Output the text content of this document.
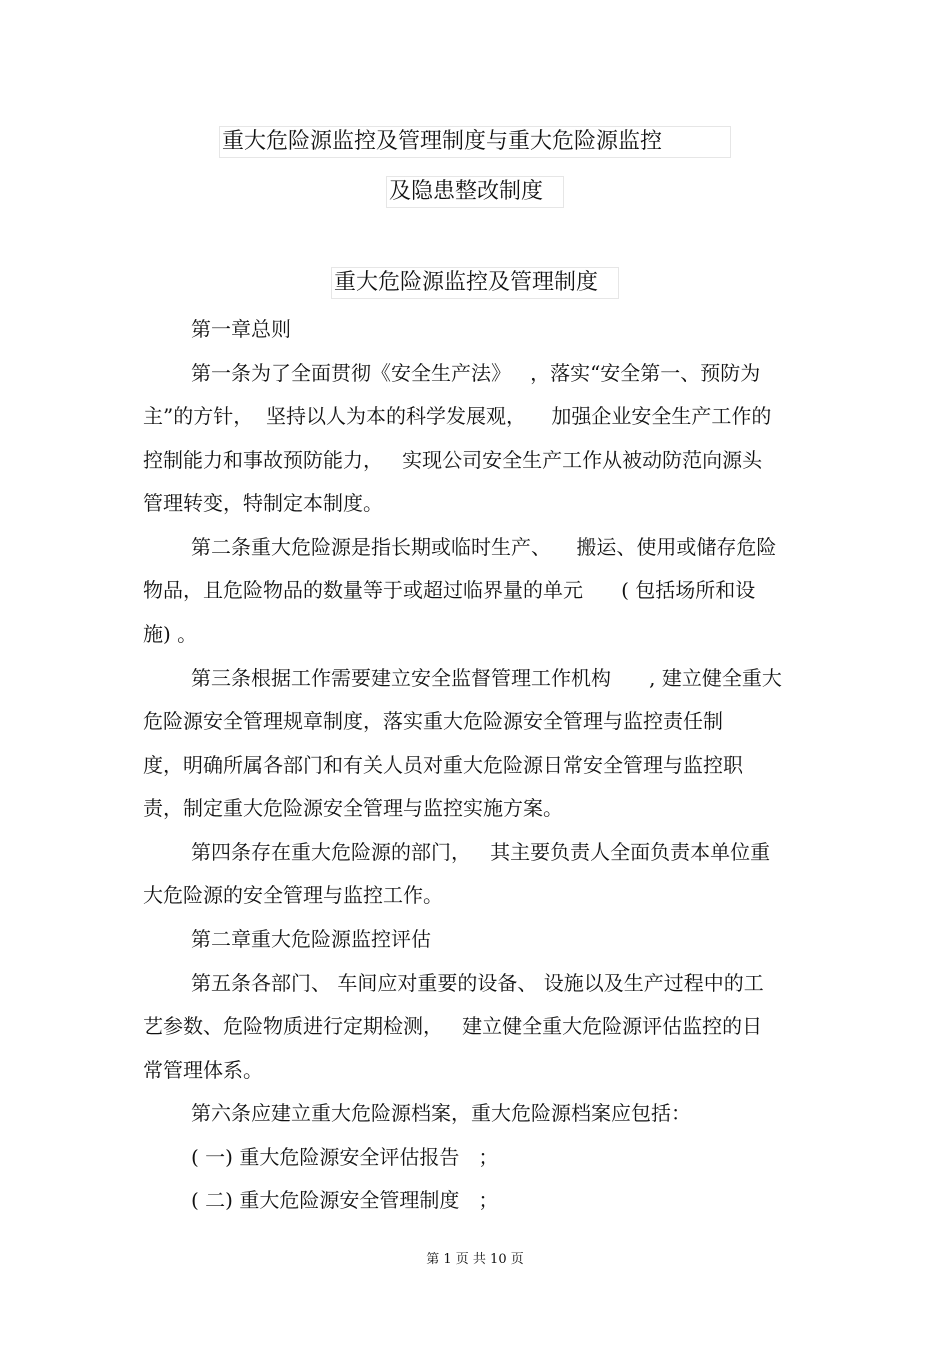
重大危险源监控及管理制度与重大危险源监控
及隐患整改制度
重大危险源监控及管理制度
第一章总则
第一条为了全面贯彻《安全生产法》   ，落实“安全第一、预防为
主”的方针，  坚持以人为本的科学发展观，    加强企业安全生产工作的
控制能力和事故预防能力，   实现公司安全生产工作从被动防范向源头
管理转变，特制定本制度。
第二条重大危险源是指长期或临时生产、    搬运、使用或储存危险
物品，且危险物品的数量等于或超过临界量的单元      ( 包括场所和设
施) 。
第三条根据工作需要建立安全监督管理工作机构      , 建立健全重大
危险源安全管理规章制度，落实重大危险源安全管理与监控责任制
度，明确所属各部门和有关人员对重大危险源日常安全管理与监控职
责，制定重大危险源安全管理与监控实施方案。
第四条存在重大危险源的部门，   其主要负责人全面负责本单位重
大危险源的安全管理与监控工作。
第二章重大危险源监控评估
第五条各部门、 车间应对重要的设备、 设施以及生产过程中的工
艺参数、危险物质进行定期检测，   建立健全重大危险源评估监控的日
常管理体系。
第六条应建立重大危险源档案，重大危险源档案应包括：
( 一) 重大危险源安全评估报告   ；
( 二) 重大危险源安全管理制度   ；
第 1 页 共 10 页
